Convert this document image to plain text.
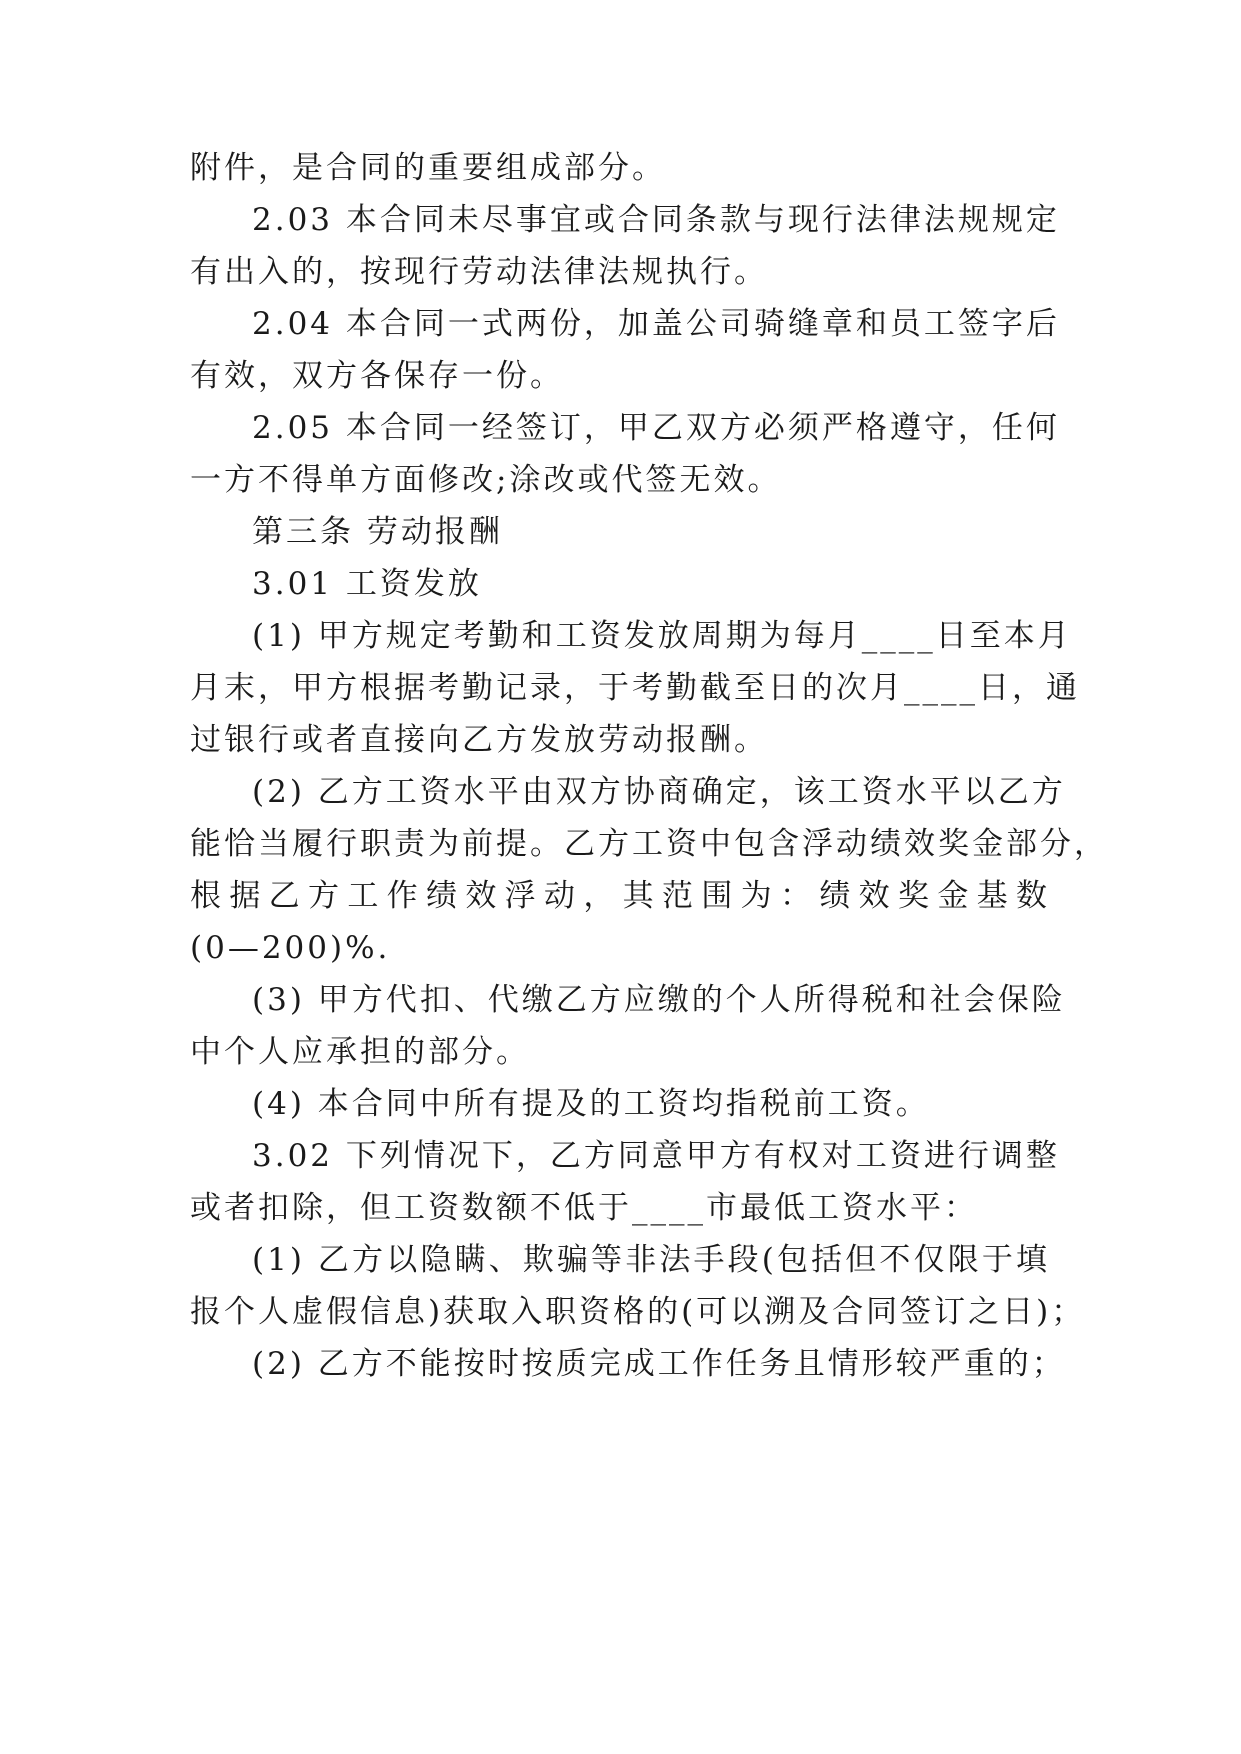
附件，是合同的重要组成部分。
2.03 本合同未尽事宜或合同条款与现行法律法规规定
有出入的，按现行劳动法律法规执行。
2.04 本合同一式两份，加盖公司骑缝章和员工签字后
有效，双方各保存一份。
2.05 本合同一经签订，甲乙双方必须严格遵守，任何
一方不得单方面修改;涂改或代签无效。
第三条 劳动报酬
3.01 工资发放
(1) 甲方规定考勤和工资发放周期为每月____日至本月
月末，甲方根据考勤记录，于考勤截至日的次月____日，通
过银行或者直接向乙方发放劳动报酬。
(2) 乙方工资水平由双方协商确定，该工资水平以乙方
能恰当履行职责为前提。乙方工资中包含浮动绩效奖金部分，
根据乙方工作绩效浮动，其范围为：绩效奖金基数
(0—200)%.
(3) 甲方代扣、代缴乙方应缴的个人所得税和社会保险
中个人应承担的部分。
(4) 本合同中所有提及的工资均指税前工资。
3.02 下列情况下，乙方同意甲方有权对工资进行调整
或者扣除，但工资数额不低于____市最低工资水平：
(1) 乙方以隐瞒、欺骗等非法手段(包括但不仅限于填
报个人虚假信息)获取入职资格的(可以溯及合同签订之日)；
(2) 乙方不能按时按质完成工作任务且情形较严重的；
